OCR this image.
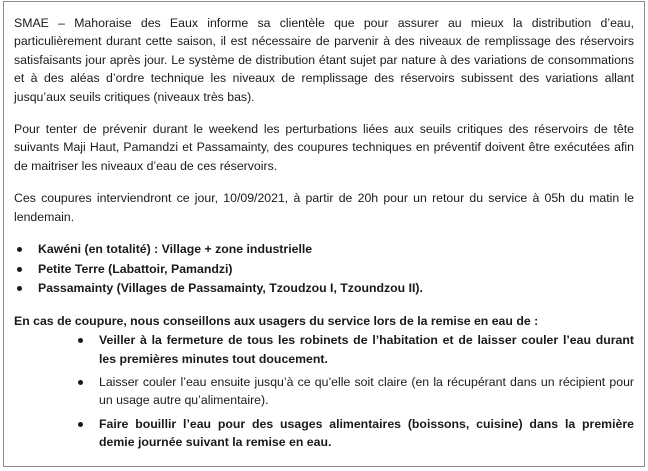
SMAE – Mahoraise des Eaux informe sa clientèle que pour assurer au mieux la distribution d’eau, particulièrement durant cette saison, il est nécessaire de parvenir à des niveaux de remplissage des réservoirs satisfaisants jour après jour. Le système de distribution étant sujet par nature à des variations de consommations et à des aléas d’ordre technique les niveaux de remplissage des réservoirs subissent des variations allant jusqu’aux seuils critiques (niveaux très bas).

Pour tenter de prévenir durant le weekend les perturbations liées aux seuils critiques des réservoirs de tête suivants Maji Haut, Pamandzi et Passamainty, des coupures techniques en préventif doivent être exécutées afin de maitriser les niveaux d’eau de ces réservoirs.

Ces coupures interviendront ce jour, 10/09/2021, à partir de 20h pour un retour du service à 05h du matin le lendemain.

Kawéni (en totalité) : Village + zone industrielle
Petite Terre (Labattoir, Pamandzi)
Passamainty (Villages de Passamainty, Tzoudzou I, Tzoundzou II).

En cas de coupure, nous conseillons aux usagers du service lors de la remise en eau de :

Veiller à la fermeture de tous les robinets de l’habitation et de laisser couler l’eau durant les premières minutes tout doucement.
Laisser couler l’eau ensuite jusqu’à ce qu’elle soit claire (en la récupérant dans un récipient pour un usage autre qu’alimentaire).
Faire bouillir l’eau pour des usages alimentaires (boissons, cuisine) dans la première demie journée suivant la remise en eau.
